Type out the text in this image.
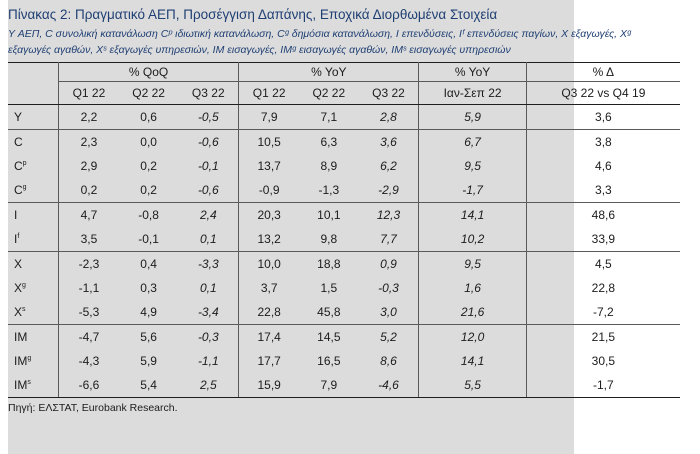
Πίνακας 2: Πραγματικό ΑΕΠ, Προσέγγιση Δαπάνης, Εποχικά Διορθωμένα Στοιχεία
Y ΑΕΠ, C συνολική κατανάλωση Cᵖ ιδιωτική κατανάλωση, Cᵍ δημόσια κατανάλωση, I επενδύσεις, Iᶠ επενδύσεις παγίων, X εξαγωγές, Xᵍ εξαγωγές αγαθών, Xˢ εξαγωγές υπηρεσιών, IM εισαγωγές, IMᵍ εισαγωγές αγαθών, IMˢ εισαγωγές υπηρεσιών
	% QoQ			% YoY			% YoY	% Δ
	Q1 22	Q2 22	Q3 22	Q1 22	Q2 22	Q3 22	Ιαν-Σεπ 22	Q3 22 vs Q4 19
Y	2,2	0,6	-0,5	7,9	7,1	2,8	5,9	3,6
C	2,3	0,0	-0,6	10,5	6,3	3,6	6,7	3,8
$C^p$	2,9	0,2	-0,1	13,7	8,9	6,2	9,5	4,6
$C^g$	0,2	0,2	-0,6	-0,9	-1,3	-2,9	-1,7	3,3
I	4,7	-0,8	2,4	20,3	10,1	12,3	14,1	48,6
$I^f$	3,5	-0,1	0,1	13,2	9,8	7,7	10,2	33,9
X	-2,3	0,4	-3,3	10,0	18,8	0,9	9,5	4,5
$X^g$	-1,1	0,3	0,1	3,7	1,5	-0,3	1,6	22,8
$X^s$	-5,3	4,9	-3,4	22,8	45,8	3,0	21,6	-7,2
IM	-4,7	5,6	-0,3	17,4	14,5	5,2	12,0	21,5
$IM^g$	-4,3	5,9	-1,1	17,7	16,5	8,6	14,1	30,5
$IM^s$	-6,6	5,4	2,5	15,9	7,9	-4,6	5,5	-1,7
Πηγή: ΕΛΣΤΑΤ, Eurobank Research.
